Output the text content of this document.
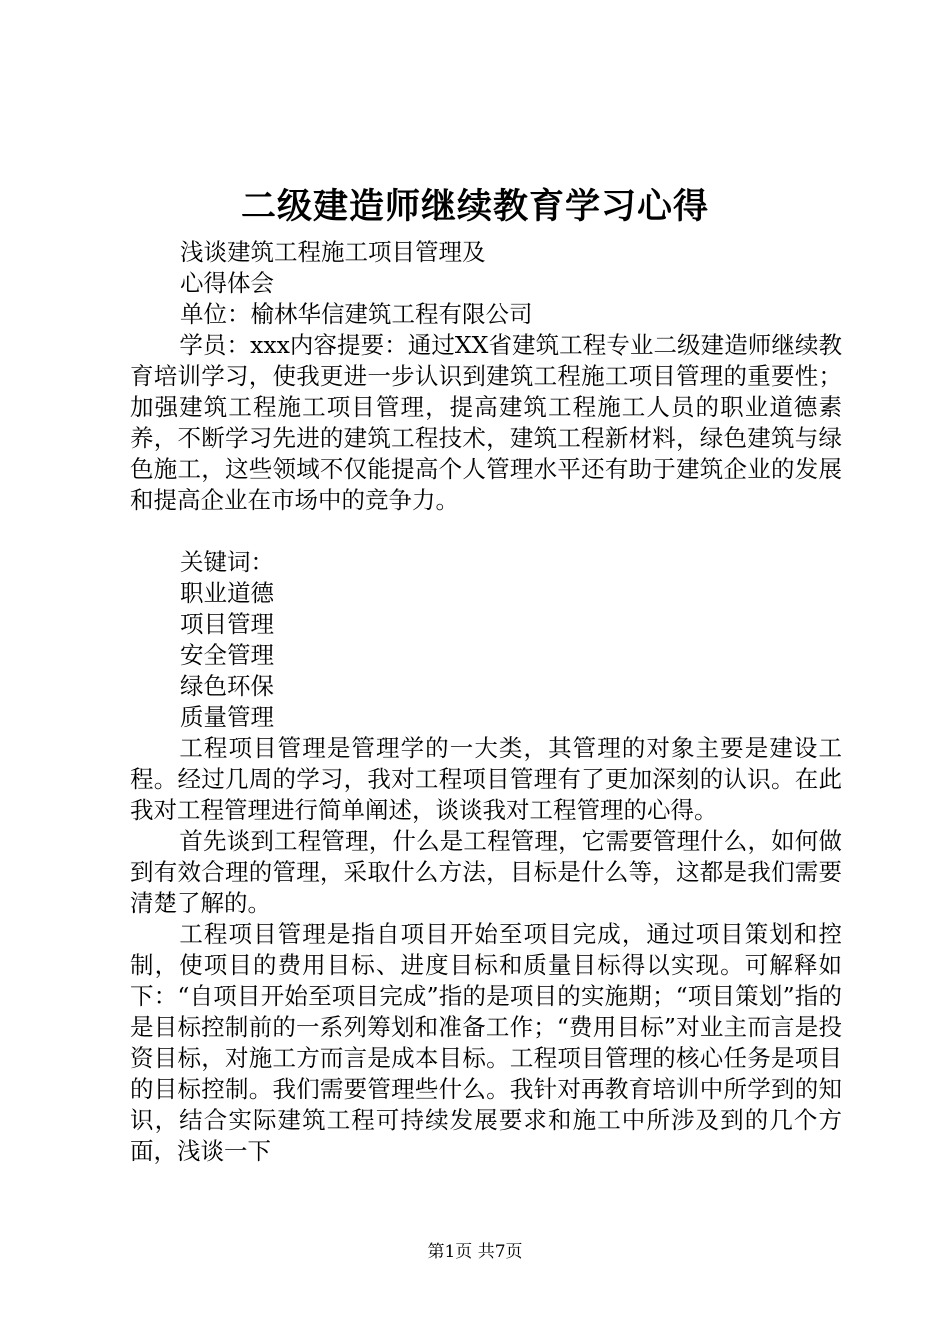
二级建造师继续教育学习心得

浅谈建筑工程施工项目管理及

心得体会

单位：榆林华信建筑工程有限公司

学员：xxx内容提要：通过XX省建筑工程专业二级建造师继续教育培训学习，使我更进一步认识到建筑工程施工项目管理的重要性；加强建筑工程施工项目管理，提高建筑工程施工人员的职业道德素养，不断学习先进的建筑工程技术，建筑工程新材料，绿色建筑与绿色施工，这些领域不仅能提高个人管理水平还有助于建筑企业的发展和提高企业在市场中的竞争力。

关键词：

职业道德

项目管理

安全管理

绿色环保

质量管理

工程项目管理是管理学的一大类，其管理的对象主要是建设工程。经过几周的学习，我对工程项目管理有了更加深刻的认识。在此我对工程管理进行简单阐述，谈谈我对工程管理的心得。

首先谈到工程管理，什么是工程管理，它需要管理什么，如何做到有效合理的管理，采取什么方法，目标是什么等，这都是我们需要清楚了解的。

工程项目管理是指自项目开始至项目完成，通过项目策划和控制，使项目的费用目标、进度目标和质量目标得以实现。可解释如下：“自项目开始至项目完成”指的是项目的实施期；“项目策划”指的是目标控制前的一系列筹划和准备工作；“费用目标”对业主而言是投资目标，对施工方而言是成本目标。工程项目管理的核心任务是项目的目标控制。我们需要管理些什么。我针对再教育培训中所学到的知识，结合实际建筑工程可持续发展要求和施工中所涉及到的几个方面，浅谈一下

第1页 共7页
